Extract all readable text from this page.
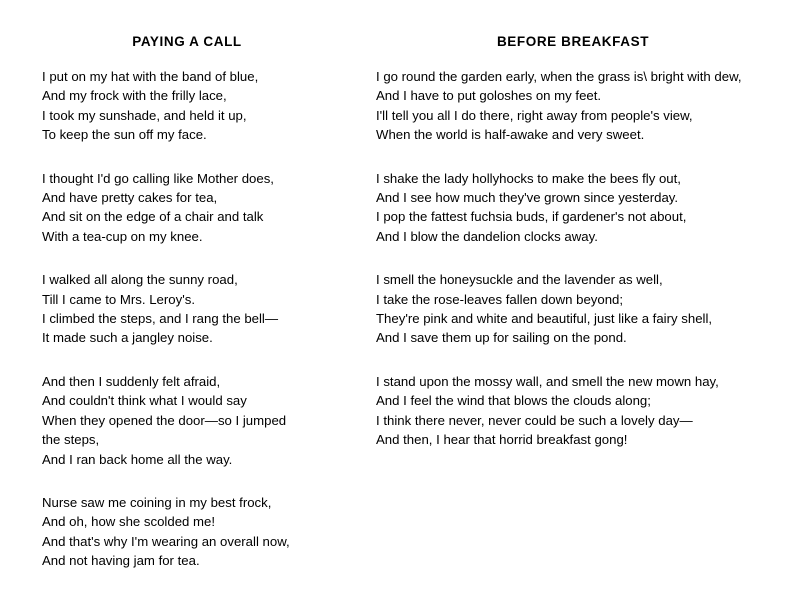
PAYING A CALL
I put on my hat with the band of blue,
And my frock with the frilly lace,
I took my sunshade, and held it up,
To keep the sun off my face.
I thought I'd go calling like Mother does,
And have pretty cakes for tea,
And sit on the edge of a chair and talk
With a tea-cup on my knee.
I walked all along the sunny road,
Till I came to Mrs. Leroy's.
I climbed the steps, and I rang the bell—
It made such a jangley noise.
And then I suddenly felt afraid,
And couldn't think what I would say
When they opened the door—so I jumped
the steps,
And I ran back home all the way.
Nurse saw me coining in my best frock,
And oh, how she scolded me!
And that's why I'm wearing an overall now,
And not having jam for tea.
BEFORE BREAKFAST
I go round the garden early, when the grass is\ bright with dew,
And I have to put goloshes on my feet.
I'll tell you all I do there, right away from people's view,
When the world is half-awake and very sweet.
I shake the lady hollyhocks to make the bees fly out,
And I see how much they've grown since yesterday.
I pop the fattest fuchsia buds, if gardener's not about,
And I blow the dandelion clocks away.
I smell the honeysuckle and the lavender as well,
I take the rose-leaves fallen down beyond;
They're pink and white and beautiful, just like a fairy shell,
And I save them up for sailing on the pond.
I stand upon the mossy wall, and smell the new mown hay,
And I feel the wind that blows the clouds along;
I think there never, never could be such a lovely day—
And then, I hear that horrid breakfast gong!
